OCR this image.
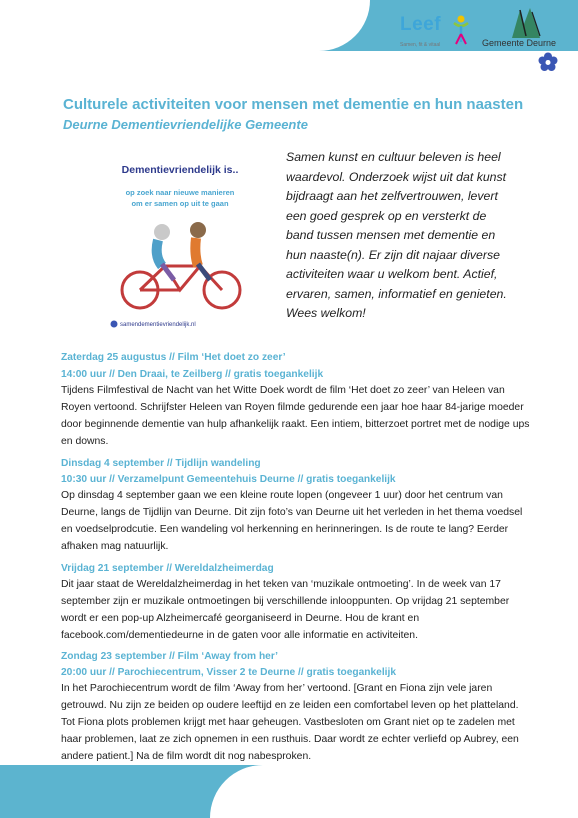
Leef
Samen, fit & vitaal	Gemeente Deurne
Culturele activiteiten voor mensen met dementie en hun naasten
Deurne Dementievriendelijke Gemeente
Dementievriendelijk is..
op zoek naar nieuwe manieren
om er samen op uit te gaan
samendementievriendelijk.nl
Samen kunst en cultuur beleven is heel waardevol. Onderzoek wijst uit dat kunst bijdraagt aan het zelfvertrouwen, levert een goed gesprek op en versterkt de band tussen mensen met dementie en hun naaste(n). Er zijn dit najaar diverse activiteiten waar u welkom bent. Actief, ervaren, samen, informatief en genieten. Wees welkom!
Zaterdag 25 augustus // Film ‘Het doet zo zeer’
14:00 uur // Den Draai, te Zeilberg // gratis toegankelijk
Tijdens Filmfestival de Nacht van het Witte Doek wordt de film ‘Het doet zo zeer’ van Heleen van Royen vertoond. Schrijfster Heleen van Royen filmde gedurende een jaar hoe haar 84-jarige moeder door beginnende dementie van hulp afhankelijk raakt. Een intiem, bitterzoet portret met de nodige ups en downs.
Dinsdag 4 september // Tijdlijn wandeling
10:30 uur // Verzamelpunt Gemeentehuis Deurne // gratis toegankelijk
Op dinsdag 4 september gaan we een kleine route lopen (ongeveer 1 uur) door het centrum van Deurne, langs de Tijdlijn van Deurne. Dit zijn foto’s van Deurne uit het verleden in het thema voedsel en voedselprodcutie. Een wandeling vol herkenning en herinneringen. Is de route te lang? Eerder afhaken mag natuurlijk.
Vrijdag 21 september // Wereldalzheimerdag
Dit jaar staat de Wereldalzheimerdag in het teken van ‘muzikale ontmoeting’. In de week van 17 september zijn er muzikale ontmoetingen bij verschillende inlooppunten. Op vrijdag 21 september wordt er een pop-up Alzheimercafé georganiseerd in Deurne. Hou de krant en facebook.com/dementiedeurne in de gaten voor alle informatie en activiteiten.
Zondag 23 september // Film ‘Away from her’
20:00 uur // Parochiecentrum, Visser 2 te Deurne // gratis toegankelijk
In het Parochiecentrum wordt de film ‘Away from her’ vertoond. [Grant en Fiona zijn vele jaren getrouwd. Nu zijn ze beiden op oudere leeftijd en ze leiden een comfortabel leven op het platteland. Tot Fiona plots problemen krijgt met haar geheugen. Vastbesloten om Grant niet op te zadelen met haar problemen, laat ze zich opnemen in een rusthuis. Daar wordt ze echter verliefd op Aubrey, een andere patient.] Na de film wordt dit nog nabesproken.
